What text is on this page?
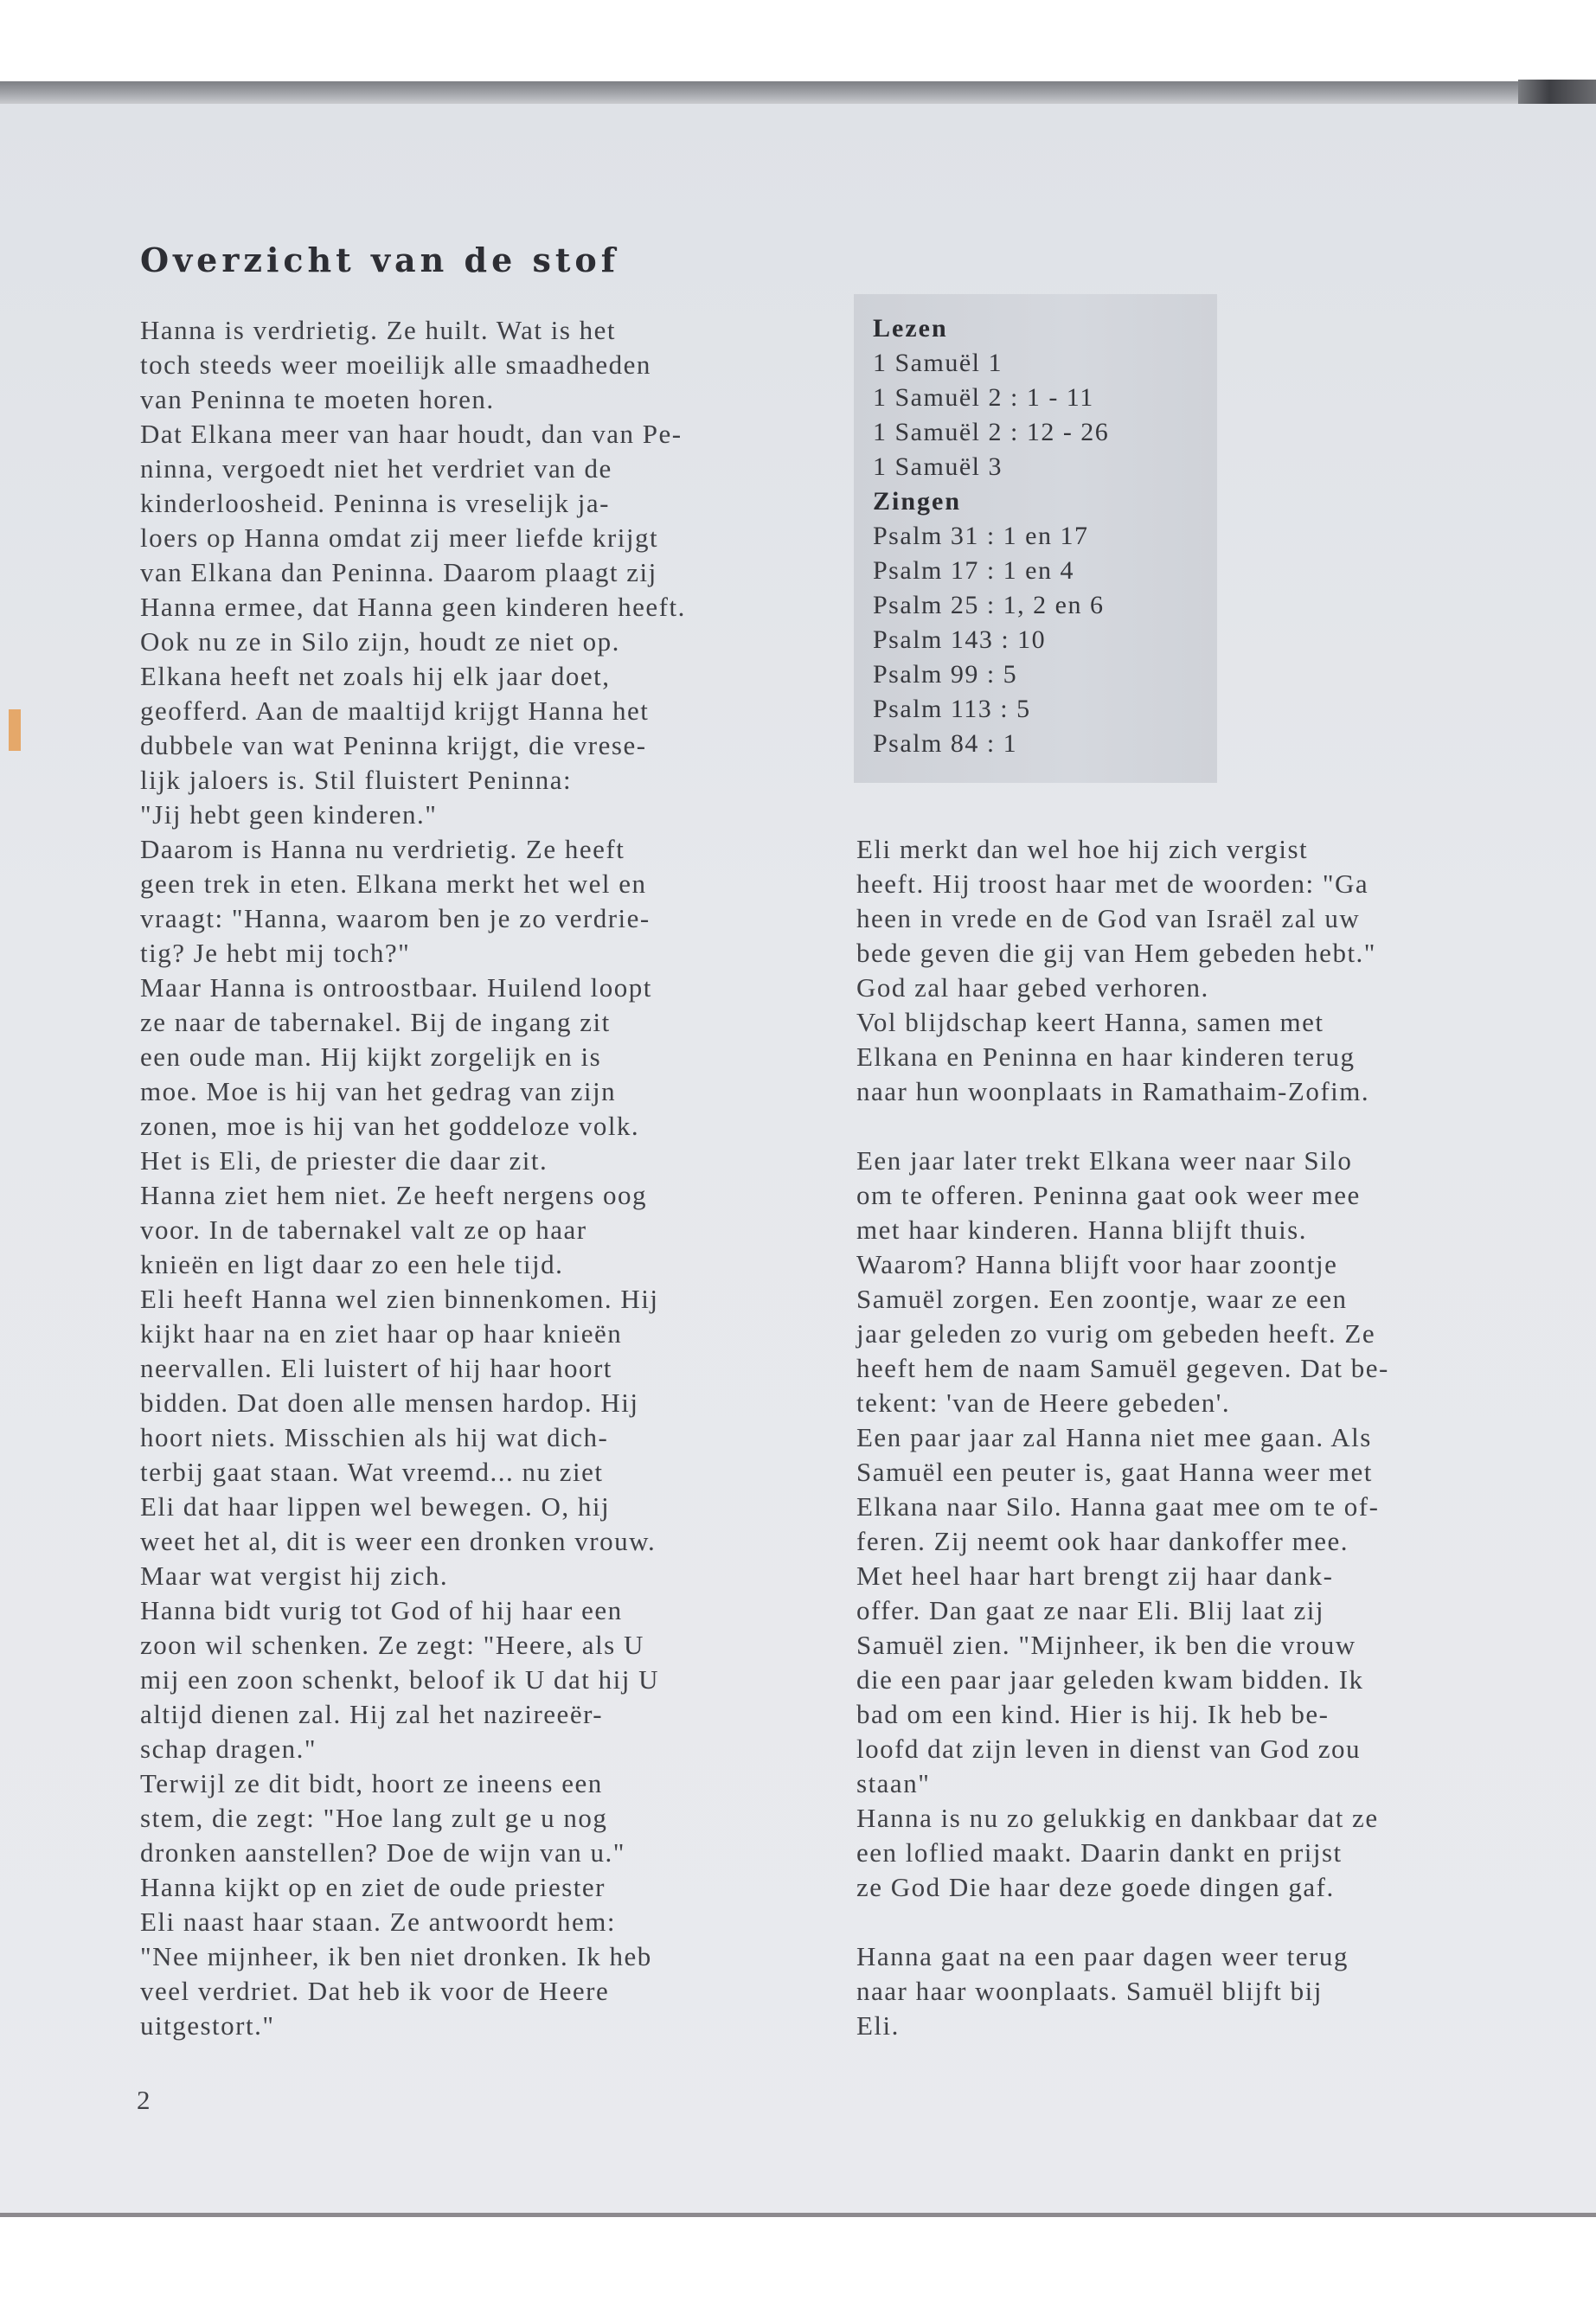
Overzicht van de stof
Hanna is verdrietig. Ze huilt. Wat is het
toch steeds weer moeilijk alle smaadheden
van Peninna te moeten horen.
Dat Elkana meer van haar houdt, dan van Pe-
ninna, vergoedt niet het verdriet van de
kinderloosheid. Peninna is vreselijk ja-
loers op Hanna omdat zij meer liefde krijgt
van Elkana dan Peninna. Daarom plaagt zij
Hanna ermee, dat Hanna geen kinderen heeft.
Ook nu ze in Silo zijn, houdt ze niet op.
Elkana heeft net zoals hij elk jaar doet,
geofferd. Aan de maaltijd krijgt Hanna het
dubbele van wat Peninna krijgt, die vrese-
lijk jaloers is. Stil fluistert Peninna:
"Jij hebt geen kinderen."
Daarom is Hanna nu verdrietig. Ze heeft
geen trek in eten. Elkana merkt het wel en
vraagt: "Hanna, waarom ben je zo verdrie-
tig? Je hebt mij toch?"
Maar Hanna is ontroostbaar. Huilend loopt
ze naar de tabernakel. Bij de ingang zit
een oude man. Hij kijkt zorgelijk en is
moe. Moe is hij van het gedrag van zijn
zonen, moe is hij van het goddeloze volk.
Het is Eli, de priester die daar zit.
Hanna ziet hem niet. Ze heeft nergens oog
voor. In de tabernakel valt ze op haar
knieën en ligt daar zo een hele tijd.
Eli heeft Hanna wel zien binnenkomen. Hij
kijkt haar na en ziet haar op haar knieën
neervallen. Eli luistert of hij haar hoort
bidden. Dat doen alle mensen hardop. Hij
hoort niets. Misschien als hij wat dich-
terbij gaat staan. Wat vreemd... nu ziet
Eli dat haar lippen wel bewegen. O, hij
weet het al, dit is weer een dronken vrouw.
Maar wat vergist hij zich.
Hanna bidt vurig tot God of hij haar een
zoon wil schenken. Ze zegt: "Heere, als U
mij een zoon schenkt, beloof ik U dat hij U
altijd dienen zal. Hij zal het nazireeër-
schap dragen."
Terwijl ze dit bidt, hoort ze ineens een
stem, die zegt: "Hoe lang zult ge u nog
dronken aanstellen? Doe de wijn van u."
Hanna kijkt op en ziet de oude priester
Eli naast haar staan. Ze antwoordt hem:
"Nee mijnheer, ik ben niet dronken. Ik heb
veel verdriet. Dat heb ik voor de Heere
uitgestort."
Lezen
1 Samuël 1
1 Samuël 2 : 1 - 11
1 Samuël 2 : 12 - 26
1 Samuël 3
Zingen
Psalm 31 : 1 en 17
Psalm 17 : 1 en 4
Psalm 25 : 1, 2 en 6
Psalm 143 : 10
Psalm 99 : 5
Psalm 113 : 5
Psalm 84 : 1
Eli merkt dan wel hoe hij zich vergist
heeft. Hij troost haar met de woorden: "Ga
heen in vrede en de God van Israël zal uw
bede geven die gij van Hem gebeden hebt."
God zal haar gebed verhoren.
Vol blijdschap keert Hanna, samen met
Elkana en Peninna en haar kinderen terug
naar hun woonplaats in Ramathaim-Zofim.
Een jaar later trekt Elkana weer naar Silo
om te offeren. Peninna gaat ook weer mee
met haar kinderen. Hanna blijft thuis.
Waarom? Hanna blijft voor haar zoontje
Samuël zorgen. Een zoontje, waar ze een
jaar geleden zo vurig om gebeden heeft. Ze
heeft hem de naam Samuël gegeven. Dat be-
tekent: 'van de Heere gebeden'.
Een paar jaar zal Hanna niet mee gaan. Als
Samuël een peuter is, gaat Hanna weer met
Elkana naar Silo. Hanna gaat mee om te of-
feren. Zij neemt ook haar dankoffer mee.
Met heel haar hart brengt zij haar dank-
offer. Dan gaat ze naar Eli. Blij laat zij
Samuël zien. "Mijnheer, ik ben die vrouw
die een paar jaar geleden kwam bidden. Ik
bad om een kind. Hier is hij. Ik heb be-
loofd dat zijn leven in dienst van God zou
staan"
Hanna is nu zo gelukkig en dankbaar dat ze
een loflied maakt. Daarin dankt en prijst
ze God Die haar deze goede dingen gaf.
Hanna gaat na een paar dagen weer terug
naar haar woonplaats. Samuël blijft bij
Eli.
2
